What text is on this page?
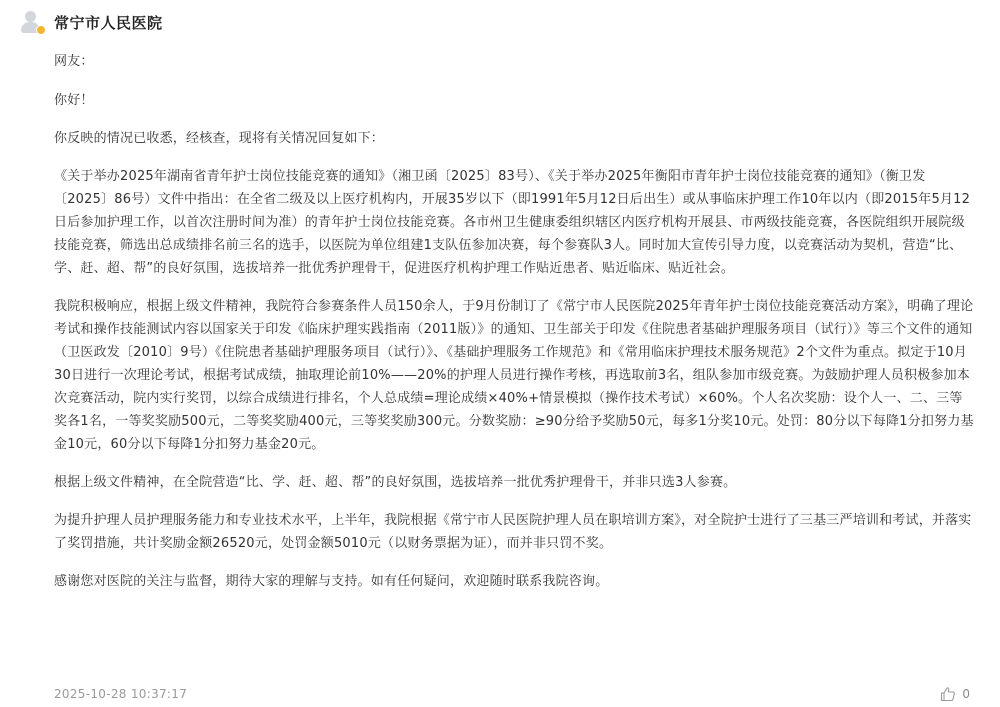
常宁市人民医院

网友：

你好！

你反映的情况已收悉，经核查，现将有关情况回复如下：

《关于举办2025年湖南省青年护士岗位技能竞赛的通知》（湘卫函〔2025〕83号）、《关于举办2025年衡阳市青年护士岗位技能竞赛的通知》（衡卫发〔2025〕86号）文件中指出：在全省二级及以上医疗机构内，开展35岁以下（即1991年5月12日后出生）或从事临床护理工作10年以内（即2015年5月12日后参加护理工作，以首次注册时间为准）的青年护士岗位技能竞赛。各市州卫生健康委组织辖区内医疗机构开展县、市两级技能竞赛，各医院组织开展院级技能竞赛，筛选出总成绩排名前三名的选手，以医院为单位组建1支队伍参加决赛，每个参赛队3人。同时加大宣传引导力度，以竞赛活动为契机，营造“比、学、赶、超、帮”的良好氛围，选拔培养一批优秀护理骨干，促进医疗机构护理工作贴近患者、贴近临床、贴近社会。

我院积极响应，根据上级文件精神，我院符合参赛条件人员150余人，于9月份制订了《常宁市人民医院2025年青年护士岗位技能竞赛活动方案》，明确了理论考试和操作技能测试内容以国家关于印发《临床护理实践指南（2011版）》的通知、卫生部关于印发《住院患者基础护理服务项目（试行）》等三个文件的通知（卫医政发〔2010〕9号）《住院患者基础护理服务项目（试行）》、《基础护理服务工作规范》和《常用临床护理技术服务规范》2个文件为重点。拟定于10月30日进行一次理论考试，根据考试成绩，抽取理论前10%——20%的护理人员进行操作考核，再选取前3名，组队参加市级竞赛。为鼓励护理人员积极参加本次竞赛活动，院内实行奖罚，以综合成绩进行排名，个人总成绩=理论成绩×40%+情景模拟（操作技术考试）×60%。个人名次奖励：设个人一、二、三等奖各1名，一等奖奖励500元，二等奖奖励400元，三等奖奖励300元。分数奖励：≥90分给予奖励50元，每多1分奖10元。处罚：80分以下每降1分扣努力基金10元，60分以下每降1分扣努力基金20元。

根据上级文件精神，在全院营造“比、学、赶、超、帮”的良好氛围，选拔培养一批优秀护理骨干，并非只选3人参赛。

为提升护理人员护理服务能力和专业技术水平，上半年，我院根据《常宁市人民医院护理人员在职培训方案》，对全院护士进行了三基三严培训和考试，并落实了奖罚措施，共计奖励金额26520元，处罚金额5010元（以财务票据为证），而并非只罚不奖。

感谢您对医院的关注与监督，期待大家的理解与支持。如有任何疑问，欢迎随时联系我院咨询。

2025-10-28 10:37:17	0
